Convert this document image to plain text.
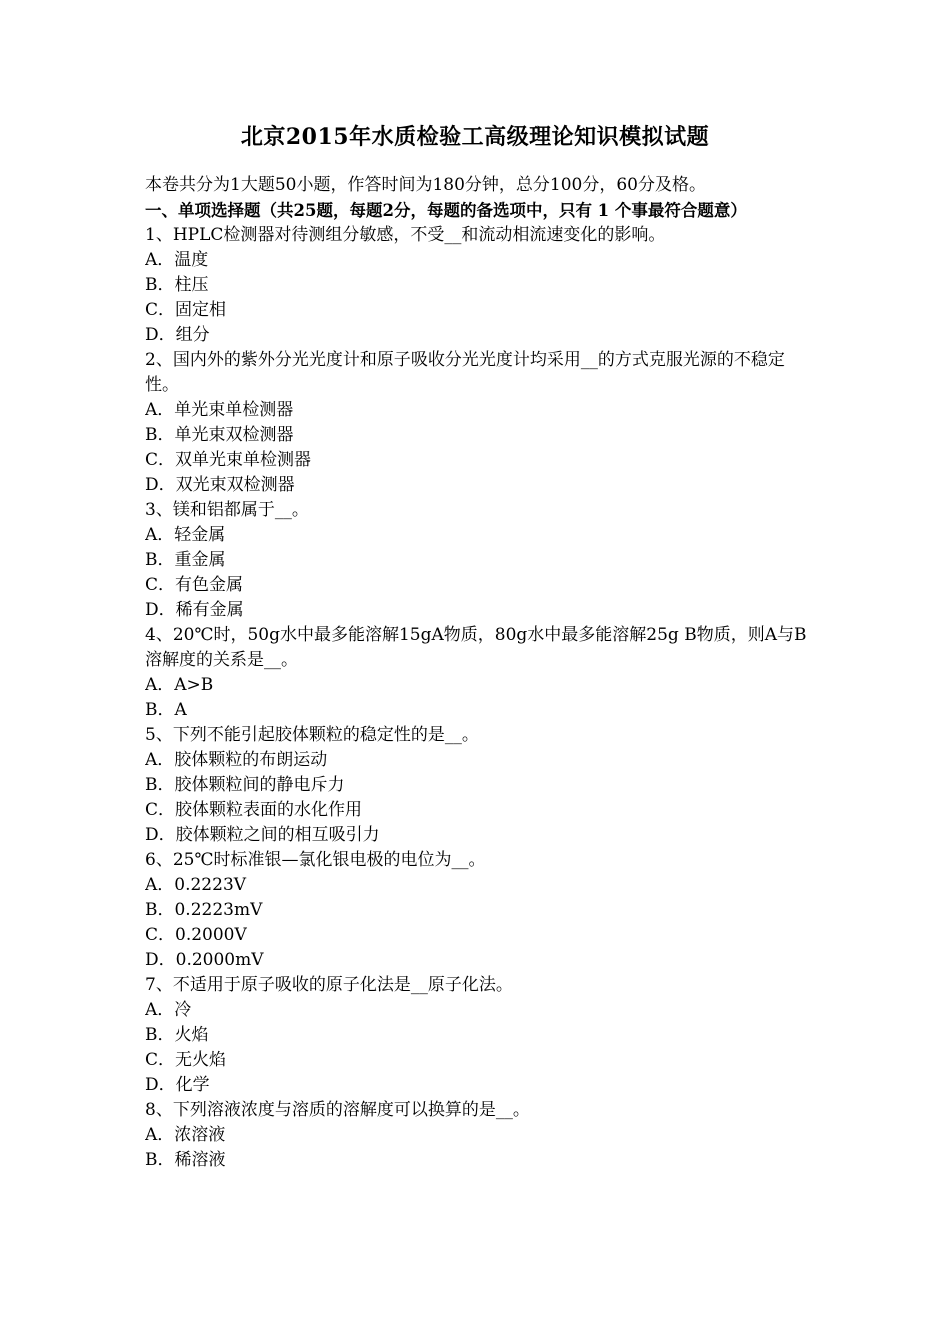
北京2015年水质检验工高级理论知识模拟试题
本卷共分为1大题50小题，作答时间为180分钟，总分100分，60分及格。
一、单项选择题（共25题，每题2分，每题的备选项中，只有 1 个事最符合题意）
1、HPLC检测器对待测组分敏感，不受__和流动相流速变化的影响。
A．温度
B．柱压
C．固定相
D．组分
2、国内外的紫外分光光度计和原子吸收分光光度计均采用__的方式克服光源的不稳定性。
A．单光束单检测器
B．单光束双检测器
C．双单光束单检测器
D．双光束双检测器
3、镁和铝都属于__。
A．轻金属
B．重金属
C．有色金属
D．稀有金属
4、20℃时，50g水中最多能溶解15gA物质，80g水中最多能溶解25g B物质，则A与B溶解度的关系是__。
A．A>B
B．A
5、下列不能引起胶体颗粒的稳定性的是__。
A．胶体颗粒的布朗运动
B．胶体颗粒间的静电斥力
C．胶体颗粒表面的水化作用
D．胶体颗粒之间的相互吸引力
6、25℃时标准银—氯化银电极的电位为__。
A．0.2223V
B．0.2223mV
C．0.2000V
D．0.2000mV
7、不适用于原子吸收的原子化法是__原子化法。
A．冷
B．火焰
C．无火焰
D．化学
8、下列溶液浓度与溶质的溶解度可以换算的是__。
A．浓溶液
B．稀溶液
